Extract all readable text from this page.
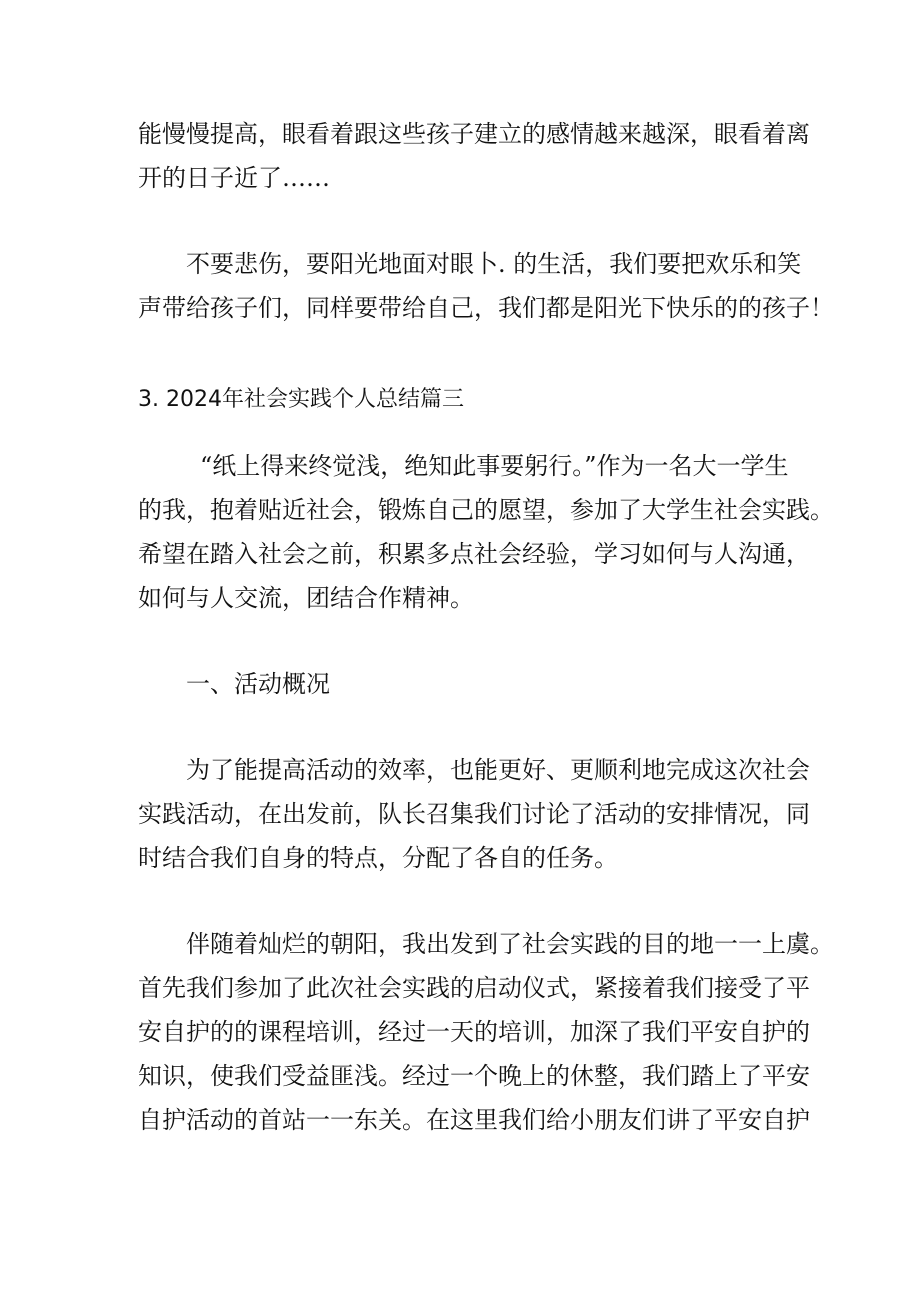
能慢慢提高，眼看着跟这些孩子建立的感情越来越深，眼看着离
开的日子近了……
不要悲伤，要阳光地面对眼卜. 的生活，我们要把欢乐和笑
声带给孩子们，同样要带给自己，我们都是阳光下快乐的的孩子！
3. 2024年社会实践个人总结篇三
“纸上得来终觉浅，绝知此事要躬行。”作为一名大一学生
的我，抱着贴近社会，锻炼自己的愿望，参加了大学生社会实践。
希望在踏入社会之前，积累多点社会经验，学习如何与人沟通，
如何与人交流，团结合作精神。
一、活动概况
为了能提高活动的效率，也能更好、更顺利地完成这次社会
实践活动，在出发前，队长召集我们讨论了活动的安排情况，同
时结合我们自身的特点，分配了各自的任务。
伴随着灿烂的朝阳，我出发到了社会实践的目的地一一上虞。
首先我们参加了此次社会实践的启动仪式，紧接着我们接受了平
安自护的的课程培训，经过一天的培训，加深了我们平安自护的
知识，使我们受益匪浅。经过一个晚上的休整，我们踏上了平安
自护活动的首站一一东关。在这里我们给小朋友们讲了平安自护
